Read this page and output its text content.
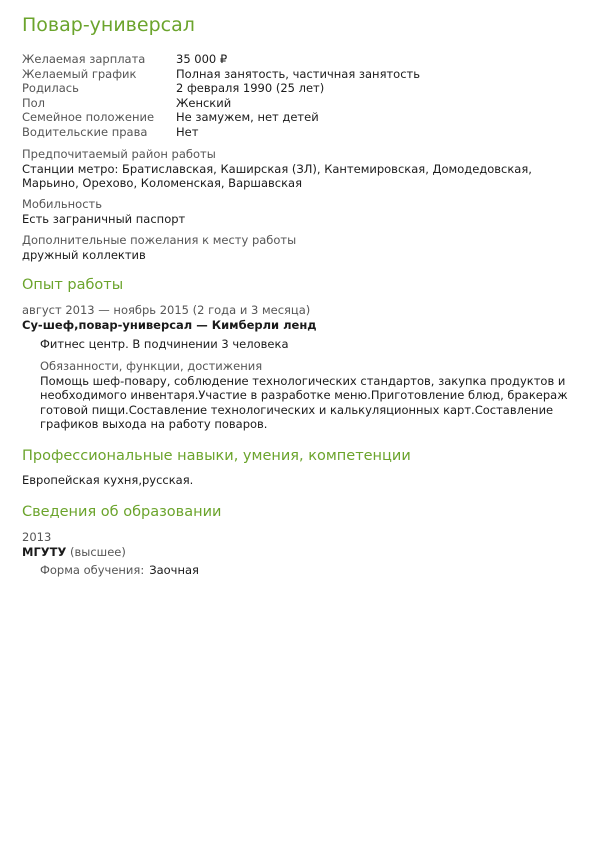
Повар-универсал
Желаемая зарплата	35 000 ₽
Желаемый график	Полная занятость, частичная занятость
Родилась	2 февраля 1990 (25 лет)
Пол	Женский
Семейное положение	Не замужем, нет детей
Водительские права	Нет
Предпочитаемый район работы
Станции метро: Братиславская, Каширская (ЗЛ), Кантемировская, Домодедовская, Марьино, Орехово, Коломенская, Варшавская
Мобильность
Есть заграничный паспорт
Дополнительные пожелания к месту работы
дружный коллектив
Опыт работы
август 2013 — ноябрь 2015 (2 года и 3 месяца)
Су-шеф,повар-универсал — Кимберли ленд
Фитнес центр. В подчинении 3 человека
Обязанности, функции, достижения
Помощь шеф-повару, соблюдение технологических стандартов, закупка продуктов и необходимого инвентаря.Участие в разработке меню.Приготовление блюд, бракераж готовой пищи.Составление технологических и калькуляционных карт.Составление графиков выхода на работу поваров.
Профессиональные навыки, умения, компетенции
Европейская кухня,русская.
Сведения об образовании
2013
МГУТУ (высшее)
Форма обучения: Заочная
